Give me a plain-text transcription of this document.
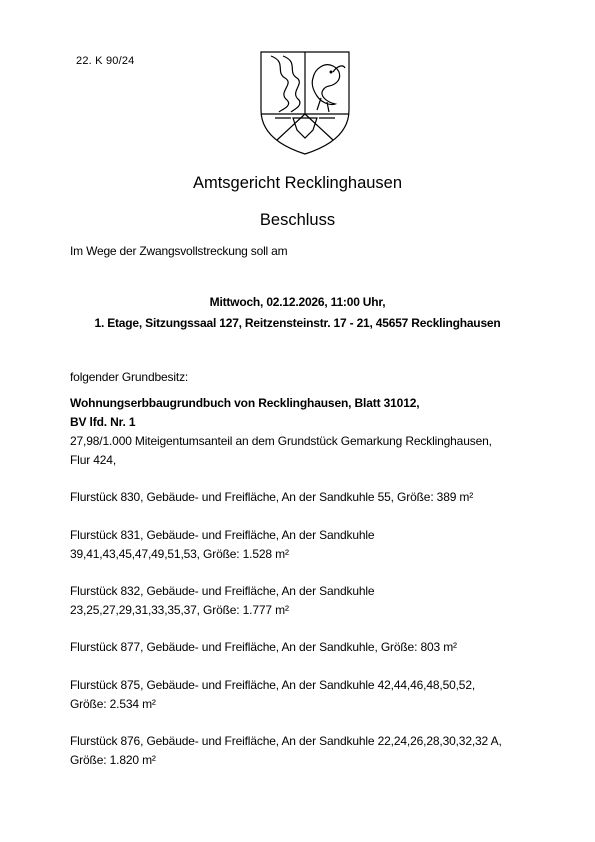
22. K 90/24
Amtsgericht Recklinghausen
Beschluss
Im Wege der Zwangsvollstreckung soll am
Mittwoch, 02.12.2026, 11:00 Uhr,
1. Etage, Sitzungssaal 127, Reitzensteinstr. 17 - 21, 45657 Recklinghausen
folgender Grundbesitz:
Wohnungserbbaugrundbuch von Recklinghausen, Blatt 31012,
BV lfd. Nr. 1
27,98/1.000 Miteigentumsanteil an dem Grundstück Gemarkung Recklinghausen,
Flur 424,
Flurstück 830, Gebäude- und Freifläche, An der Sandkuhle 55, Größe: 389 m²
Flurstück 831, Gebäude- und Freifläche, An der Sandkuhle
39,41,43,45,47,49,51,53, Größe: 1.528 m²
Flurstück 832, Gebäude- und Freifläche, An der Sandkuhle
23,25,27,29,31,33,35,37, Größe: 1.777 m²
Flurstück 877, Gebäude- und Freifläche, An der Sandkuhle, Größe: 803 m²
Flurstück 875, Gebäude- und Freifläche, An der Sandkuhle 42,44,46,48,50,52,
Größe: 2.534 m²
Flurstück 876, Gebäude- und Freifläche, An der Sandkuhle 22,24,26,28,30,32,32 A,
Größe: 1.820 m²
